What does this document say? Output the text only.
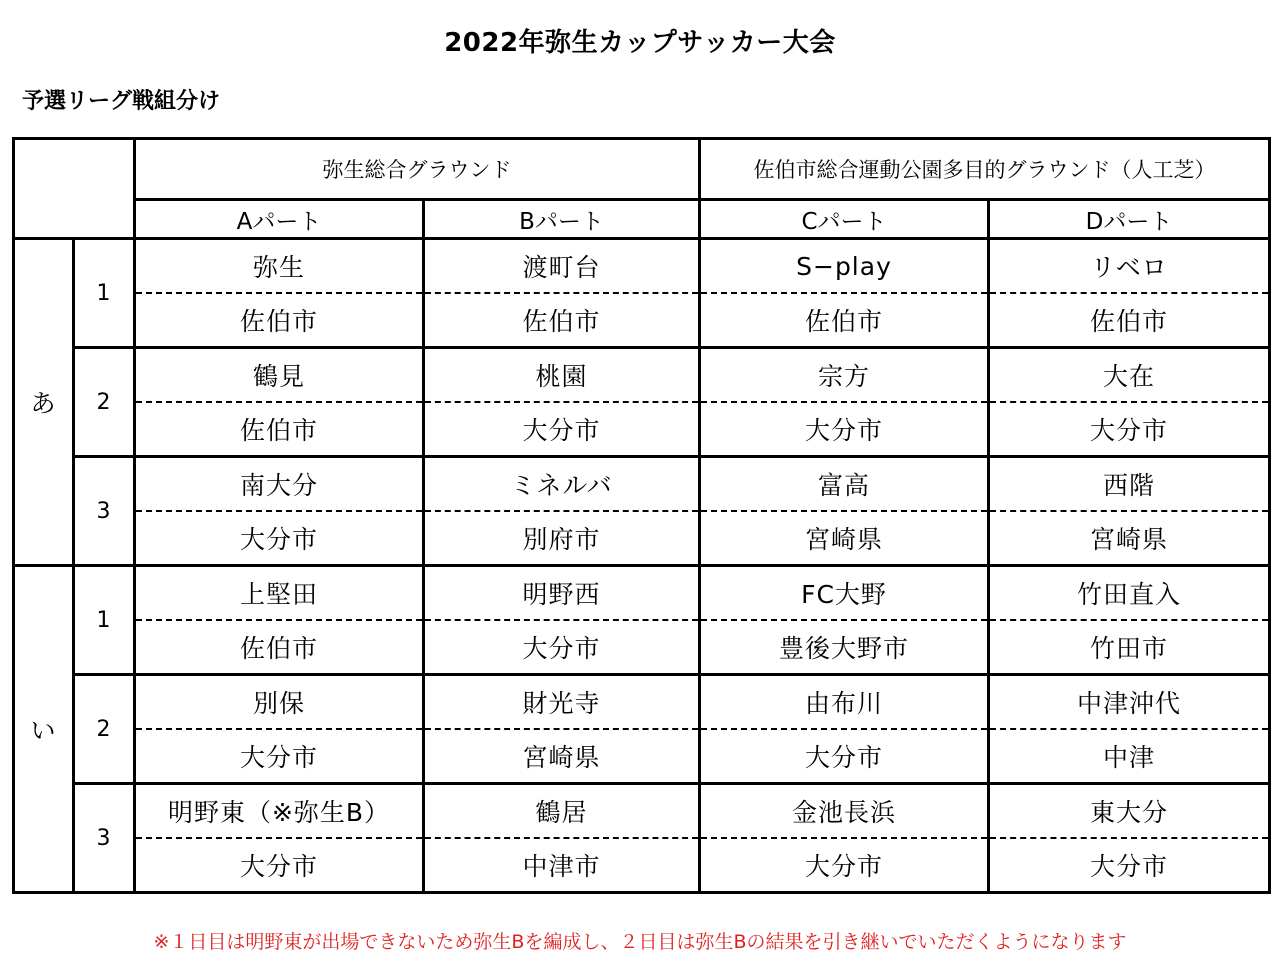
2022年弥生カップサッカー大会
予選リーグ戦組分け
		弥生総合グラウンド		佐伯市総合運動公園多目的グラウンド（人工芝）	
		Aパート	Bパート	Cパート	Dパート
あ	1	弥生	渡町台	S−play	リベロ
		佐伯市	佐伯市	佐伯市	佐伯市
	2	鶴見	桃園	宗方	大在
		佐伯市	大分市	大分市	大分市
	3	南大分	ミネルバ	富高	西階
		大分市	別府市	宮崎県	宮崎県
い	1	上堅田	明野西	FC大野	竹田直入
		佐伯市	大分市	豊後大野市	竹田市
	2	別保	財光寺	由布川	中津沖代
		大分市	宮崎県	大分市	中津
	3	明野東（※弥生B）	鶴居	金池長浜	東大分
		大分市	中津市	大分市	大分市
※１日目は明野東が出場できないため弥生Bを編成し、２日目は弥生Bの結果を引き継いでいただくようになります
